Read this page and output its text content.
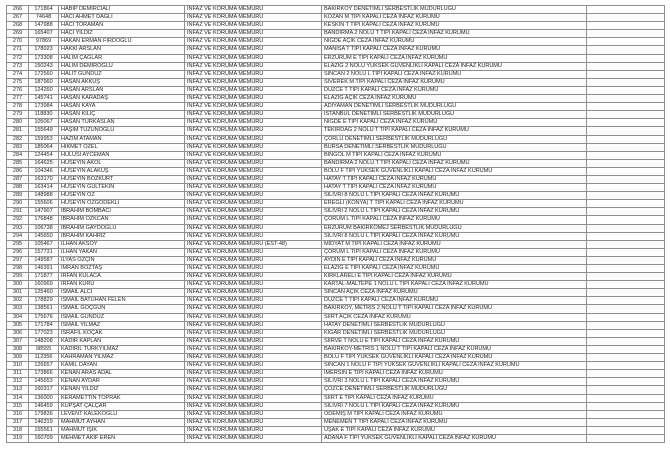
266	171864	HABİP DEMİRCİALİ	İNFAZ VE KORUMA MEMURU	BAKIRKÖY DENETİMLİ SERBESTLİK MÜDÜRLÜĞÜ	
267	74648	HACI AHMET DAĞLI	İNFAZ VE KORUMA MEMURU	KOZAN M TİPİ KAPALI CEZA İNFAZ KURUMU	
268	147988	HACI TORAMAN	İNFAZ VE KORUMA MEMURU	KESKİN T TİPİ KAPALI CEZA İNFAZ KURUMU	
269	165407	HACI YILDIZ	İNFAZ VE KORUMA MEMURU	BANDIRMA 2 NOLU T TİPİ KAPALI CEZA İNFAZ KURUMU	
270	97869	HAKAN ERMAN FIRDOĞLU	İNFAZ VE KORUMA MEMURU	NİĞDE AÇIK CEZA İNFAZ KURUMU	
271	178023	HAKKI ARSLAN	İNFAZ VE KORUMA MEMURU	MANİSA T TİPİ KAPALI CEZA İNFAZ KURUMU	
272	173308	HALİM ÇAĞLAR	İNFAZ VE KORUMA MEMURU	ERZURUM E TİPİ KAPALI CEZA İNFAZ KURUMU	
273	150243	HALİM DEMİROĞLU	İNFAZ VE KORUMA MEMURU	ELAZIĞ 2 NOLU YÜKSEK GÜVENLİKLİ KAPALI CEZA İNFAZ KURUMU	
274	172560	HALİT GÜNDÜZ	İNFAZ VE KORUMA MEMURU	SİNCAN 2 NOLU L TİPİ KAPALI CEZA İNFAZ KURUMU	
275	187960	HASAN AKKUŞ	İNFAZ VE KORUMA MEMURU	SİVEREK M TİPİ KAPALI CEZA İNFAZ KURUMU	
276	124260	HASAN ARSLAN	İNFAZ VE KORUMA MEMURU	DÜZCE T TİPİ KAPALI CEZA İNFAZ KURUMU	
277	145741	HASAN KARADAŞ	İNFAZ VE KORUMA MEMURU	ELAZIĞ AÇIK CEZA İNFAZ KURUMU	
278	173984	HASAN KAYA	İNFAZ VE KORUMA MEMURU	ADIYAMAN DENETİMLİ SERBESTLİK MÜDÜRLÜĞÜ	
279	118830	HASAN KILIÇ	İNFAZ VE KORUMA MEMURU	İSTANBUL DENETİMLİ SERBESTLİK MÜDÜRLÜĞÜ	
280	105067	HASAN TÜRKASLAN	İNFAZ VE KORUMA MEMURU	NİĞDE E TİPİ KAPALI CEZA İNFAZ KURUMU	
281	155649	HAŞİM TÜZÜNOĞLU	İNFAZ VE KORUMA MEMURU	TEKİRDAĞ 2 NOLU T TİPİ KAPALI CEZA İNFAZ KURUMU	
282	159953	HAZIM ATAMAN	İNFAZ VE KORUMA MEMURU	ÇORLU DENETİMLİ SERBESTLİK MÜDÜRLÜĞÜ	
283	185064	HİKMET ÖZEL	İNFAZ VE KORUMA MEMURU	BURSA DENETİMLİ SERBESTLİK MÜDÜRLÜĞÜ	
284	124454	HULUSİ AYCEMAN	İNFAZ VE KORUMA MEMURU	BİNGÖL M TİPİ KAPALI CEZA İNFAZ KURUMU	
285	164625	HÜSEYİN AKOL	İNFAZ VE KORUMA MEMURU	BANDIRMA 2 NOLU T TİPİ KAPALI CEZA İNFAZ KURUMU	
286	104346	HÜSEYİN ALAKUŞ	İNFAZ VE KORUMA MEMURU	BOLU F TİPİ YÜKSEK GÜVENLİKLİ KAPALI CEZA İNFAZ KURUMU	
287	163170	HÜSEYİN BOZKURT	İNFAZ VE KORUMA MEMURU	HATAY T TİPİ KAPALI CEZA İNFAZ KURUMU	
288	163414	HÜSEYİN GÜLTEKİN	İNFAZ VE KORUMA MEMURU	HATAY T TİPİ KAPALI CEZA İNFAZ KURUMU	
289	148988	HÜSEYİN ÖZ	İNFAZ VE KORUMA MEMURU	SİLİVRİ 8 NOLU L TİPİ KAPALI CEZA İNFAZ KURUMU	
290	155606	HÜSEYİN ÖZGÖDEKLİ	İNFAZ VE KORUMA MEMURU	EREĞLİ (KONYA) T TİPİ KAPALI CEZA İNFAZ KURUMU	
291	147907	İBRAHİM BOMBACI	İNFAZ VE KORUMA MEMURU	SİLİVRİ 2 NOLU L TİPİ KAPALI CEZA İNFAZ KURUMU	
292	176848	İBRAHİM ÖZKCAN	İNFAZ VE KORUMA MEMURU	ÇORUM L TİPİ KAPALI CEZA İNFAZ KURUMU	
293	106738	İBRAHİM GAYDOĞLU	İNFAZ VE KORUMA MEMURU	ERZURUM BAKIRKÖMEJ SERBESTLİK MÜDÜRLÜĞÜ	
294	145650	İBRAHİM KAHRİZ	İNFAZ VE KORUMA MEMURU	SİLİVRİ 8 NOLU L TİPİ KAPALI CEZA İNFAZ KURUMU	
295	105467	İLHAN AKSOY	İNFAZ VE KORUMA MEMURU (EST-48)	MİDYAT M TİPİ KAPALI CEZA İNFAZ KURUMU	
296	157731	İLHAN YAKAN	İNFAZ VE KORUMA MEMURU	ÇORUM L TİPİ KAPALI CEZA İNFAZ KURUMU	
297	149587	İLYAS ÖZÇİN	İNFAZ VE KORUMA MEMURU	AYDIN E TİPİ KAPALI CEZA İNFAZ KURUMU	
298	146391	İMRAN BOZTAŞ	İNFAZ VE KORUMA MEMURU	ELAZIĞ E TİPİ KAPALI CEZA İNFAZ KURUMU	
299	171877	İRFAN KULACA	İNFAZ VE KORUMA MEMURU	KIRKLARELİ E TİPİ KAPALI CEZA İNFAZ KURUMU	
300	160969	İRFAN KURU	İNFAZ VE KORUMA MEMURU	KARTAL-MALTEPE 1 NOLU L TİPİ KAPALI CEZA İNFAZ KURUMU	
301	125460	İSMAİL ALCI	İNFAZ VE KORUMA MEMURU	SİNCAN AÇIK CEZA İNFAZ KURUMU	
302	178829	İSMAİL BATUHAN FELEN	İNFAZ VE KORUMA MEMURU	DÜZCE T TİPİ KAPALI CEZA İNFAZ KURUMU	
303	138561	İSMAİL GÖÇGÜN	İNFAZ VE KORUMA MEMURU	BAKIRKÖY, METRİS 2 NOLU T TİPİ KAPALI CEZA İNFAZ KURUMU	
304	175676	İSMAİL GÜNDÜZ	İNFAZ VE KORUMA MEMURU	SİİRT AÇIK CEZA İNFAZ KURUMU	
305	171784	İSMAİL YILMAZ	İNFAZ VE KORUMA MEMURU	HATAY DENETİMLİ SERBESTLİK MÜDÜRLÜĞÜ	
306	177023	İSRAFİL KOÇAK	İNFAZ VE KORUMA MEMURU	KİĞAR DENETİMLİ SERBESTLİK MÜDÜRLÜĞÜ	
307	148208	KADİR KAPLAN	İNFAZ VE KORUMA MEMURU	SİİRVE T NOLU E TİPİ KAPALI CEZA İNFAZ KURUMU	
308	98555	KADİRİL TÜRKYILMAZ	İNFAZ VE KORUMA MEMURU	BAKIRKÖY-METRİS 1 NOLU T TİPİ KAPALI CEZA İNFAZ KURUMU	
309	112356	KAHRAMAN YILMAZ	İNFAZ VE KORUMA MEMURU	BOLU F TİPİ YÜKSEK GÜVENLİKLİ KAPALI CEZA İNFAZ KURUMU	
310	126657	KAMİL DAYAN	İNFAZ VE KORUMA MEMURU	SİNCAN 1 NOLU F TİPİ YÜKSEK GÜVENLİKLİ KAPALI CEZA İNFAZ KURUMU	
311	173866	KENAN ARAS ADAL	İNFAZ VE KORUMA MEMURU	İMERSİN E TİPİ KAPALI CEZA İNFAZ KURUMU	
312	145653	KENAN AYDAR	İNFAZ VE KORUMA MEMURU	SİLİVRİ 3 NOLU L TİPİ KAPALI CEZA İNFAZ KURUMU	
313	160317	KENAN YILDIZ	İNFAZ VE KORUMA MEMURU	ÇÖZCE DENETİMLİ SERBESTLİK MÜDÜRLÜĞÜ	
314	136000	KERAMETTİN TOPRAK	İNFAZ VE KORUMA MEMURU	SİİRT E TİPİ KAPALI CEZA İNFAZ KURUMU	
315	146459	KÜPŞAT ÇALÇAR	İNFAZ VE KORUMA MEMURU	SİLİVRİ 7 NOLU L TİPİ KAPALI CEZA İNFAZ KURUMU	
316	179836	LEVENT KALEKOĞLU	İNFAZ VE KORUMA MEMURU	ÖDEMİŞ M TİPİ KAPALI CEZA İNFAZ KURUMU	
317	146319	MAHMUT AYHAN	İNFAZ VE KORUMA MEMURU	MENEMEN T TİPİ KAPALI CEZA İNFAZ KURUMU	
318	155561	MAHMUT IŞIK	İNFAZ VE KORUMA MEMURU	UŞAK E TİPİ KAPALI CEZA İNFAZ KURUMU	
319	160709	MEHMET AKİF EREN	İNFAZ VE KORUMA MEMURU	ADANA F TİPİ YÜKSEK GÜVENLİKLİ KAPALI CEZA İNFAZ KURUMU	
